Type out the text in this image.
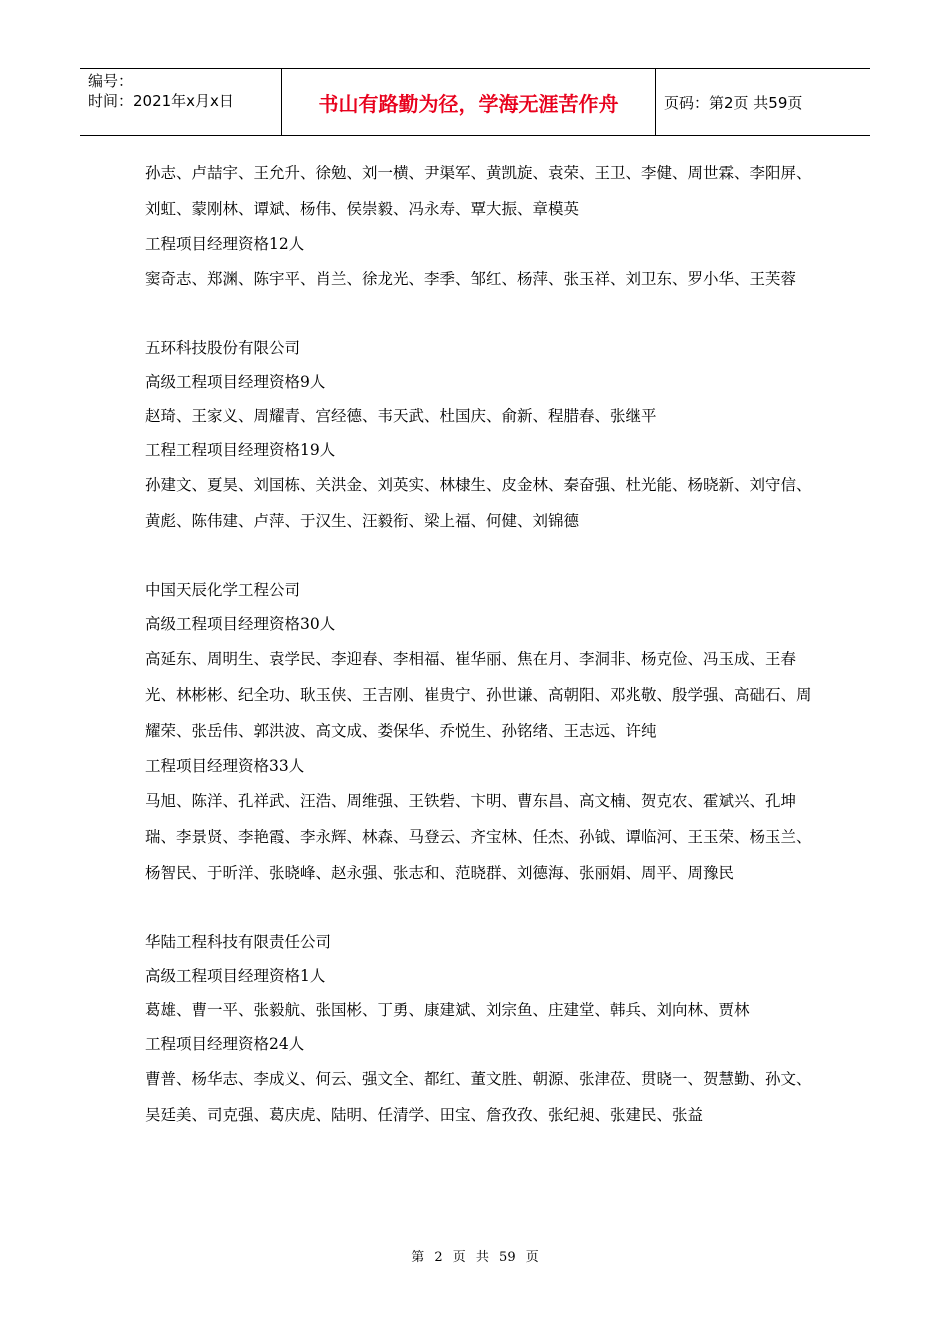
编号：
时间：2021年x月x日	书山有路勤为径，学海无涯苦作舟	页码：第2页 共59页
孙志、卢喆宇、王允升、徐勉、刘一横、尹渠军、黄凯旋、袁荣、王卫、李健、周世霖、李阳屏、刘虹、蒙刚林、谭斌、杨伟、侯崇毅、冯永寿、覃大振、章模英
工程项目经理资格12人
窦奇志、郑渊、陈宇平、肖兰、徐龙光、李季、邹红、杨萍、张玉祥、刘卫东、罗小华、王芙蓉
五环科技股份有限公司
高级工程项目经理资格9人
赵琦、王家义、周耀青、宫经德、韦天武、杜国庆、俞新、程腊春、张继平
工程工程项目经理资格19人
孙建文、夏昊、刘国栋、关洪金、刘英实、林棣生、皮金林、秦奋强、杜光能、杨晓新、刘守信、黄彪、陈伟建、卢萍、于汉生、汪毅衔、梁上福、何健、刘锦德
中国天辰化学工程公司
高级工程项目经理资格30人
高延东、周明生、袁学民、李迎春、李相福、崔华丽、焦在月、李洞非、杨克俭、冯玉成、王春光、林彬彬、纪全功、耿玉侠、王吉刚、崔贵宁、孙世谦、高朝阳、邓兆敬、殷学强、高础石、周耀荣、张岳伟、郭洪波、高文成、娄保华、乔悦生、孙铭绪、王志远、许纯
工程项目经理资格33人
马旭、陈洋、孔祥武、汪浩、周维强、王铁砦、卞明、曹东昌、高文楠、贺克农、霍斌兴、孔坤瑞、李景贤、李艳霞、李永辉、林森、马登云、齐宝林、任杰、孙钺、谭临河、王玉荣、杨玉兰、杨智民、于昕洋、张晓峰、赵永强、张志和、范晓群、刘德海、张丽娟、周平、周豫民
华陆工程科技有限责任公司
高级工程项目经理资格1人
葛雄、曹一平、张毅航、张国彬、丁勇、康建斌、刘宗鱼、庄建堂、韩兵、刘向林、贾林
工程项目经理资格24人
曹普、杨华志、李成义、何云、强文全、都红、董文胜、朝源、张津莅、贯晓一、贺慧勤、孙文、吴廷美、司克强、葛庆虎、陆明、任清学、田宝、詹孜孜、张纪昶、张建民、张益
第 2 页 共 59 页
